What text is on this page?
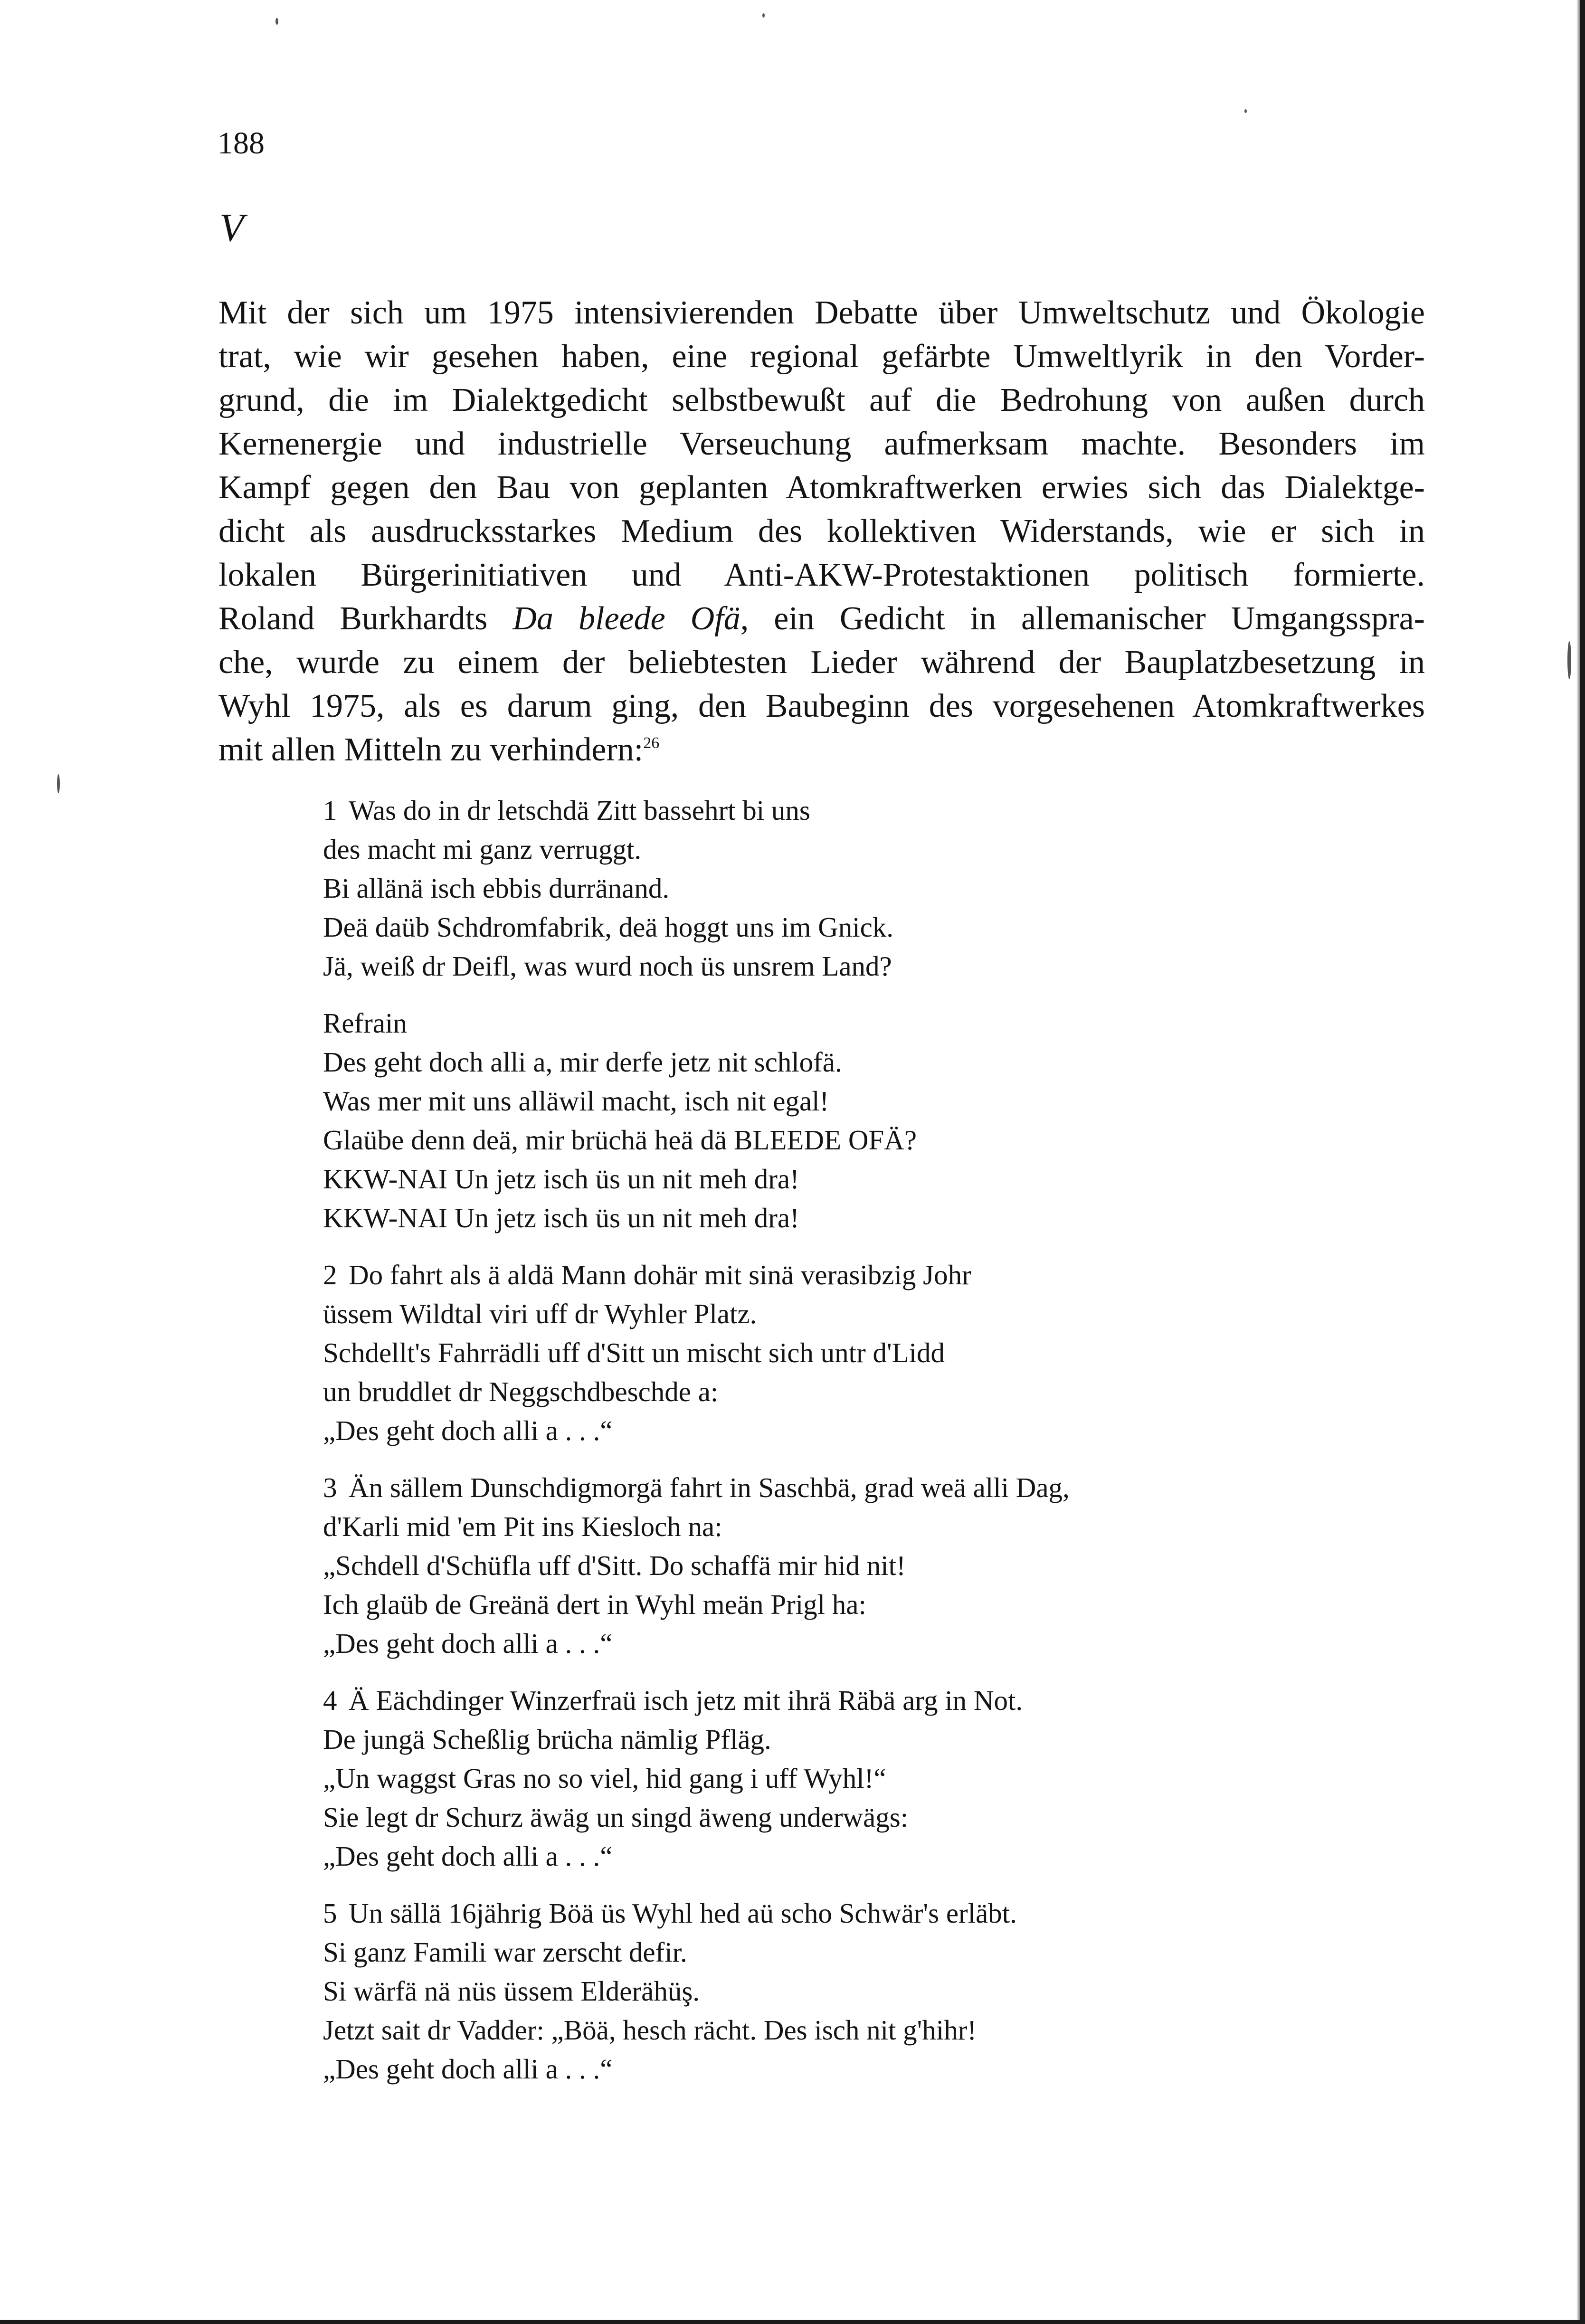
188

V

Mit der sich um 1975 intensivierenden Debatte über Umweltschutz und Ökologie
trat, wie wir gesehen haben, eine regional gefärbte Umweltlyrik in den Vorder-
grund, die im Dialektgedicht selbstbewußt auf die Bedrohung von außen durch
Kernenergie und industrielle Verseuchung aufmerksam machte. Besonders im
Kampf gegen den Bau von geplanten Atomkraftwerken erwies sich das Dialektge-
dicht als ausdrucksstarkes Medium des kollektiven Widerstands, wie er sich in
lokalen Bürgerinitiativen und Anti-AKW-Protestaktionen politisch formierte.
Roland Burkhardts Da bleede Ofä, ein Gedicht in allemanischer Umgangsspra-
che, wurde zu einem der beliebtesten Lieder während der Bauplatzbesetzung in
Wyhl 1975, als es darum ging, den Baubeginn des vorgesehenen Atomkraftwerkes
mit allen Mitteln zu verhindern:$^{26}$

1 Was do in dr letschdä Zitt bassehrt bi uns
des macht mi ganz verruggt.
Bi allänä isch ebbis durränand.
Deä daüb Schdromfabrik, deä hoggt uns im Gnick.
Jä, weiß dr Deifl, was wurd noch üs unsrem Land?
Refrain
Des geht doch alli a, mir derfe jetz nit schlofä.
Was mer mit uns alläwil macht, isch nit egal!
Glaübe denn deä, mir brüchä heä dä BLEEDE OFÄ?
KKW-NAI Un jetz isch üs un nit meh dra!
KKW-NAI Un jetz isch üs un nit meh dra!
2 Do fahrt als ä aldä Mann dohär mit sinä verasibzig Johr
üssem Wildtal viri uff dr Wyhler Platz.
Schdellt's Fahrrädli uff d'Sitt un mischt sich untr d'Lidd
un bruddlet dr Neggschdbeschde a:
„Des geht doch alli a . . .“
3 Än sällem Dunschdigmorgä fahrt in Saschbä, grad weä alli Dag,
d'Karli mid 'em Pit ins Kiesloch na:
„Schdell d'Schüfla uff d'Sitt. Do schaffä mir hid nit!
Ich glaüb de Greänä dert in Wyhl meän Prigl ha:
„Des geht doch alli a . . .“
4 Ä Eächdinger Winzerfraü isch jetz mit ihrä Räbä arg in Not.
De jungä Scheßlig brücha nämlig Pfläg.
„Un waggst Gras no so viel, hid gang i uff Wyhl!“
Sie legt dr Schurz äwäg un singd äweng underwägs:
„Des geht doch alli a . . .“
5 Un sällä 16jährig Böä üs Wyhl hed aü scho Schwär's erläbt.
Si ganz Famili war zerscht defir.
Si wärfä nä nüs üssem Elderähüş.
Jetzt sait dr Vadder: „Böä, hesch rächt. Des isch nit g'hihr!
„Des geht doch alli a . . .“
